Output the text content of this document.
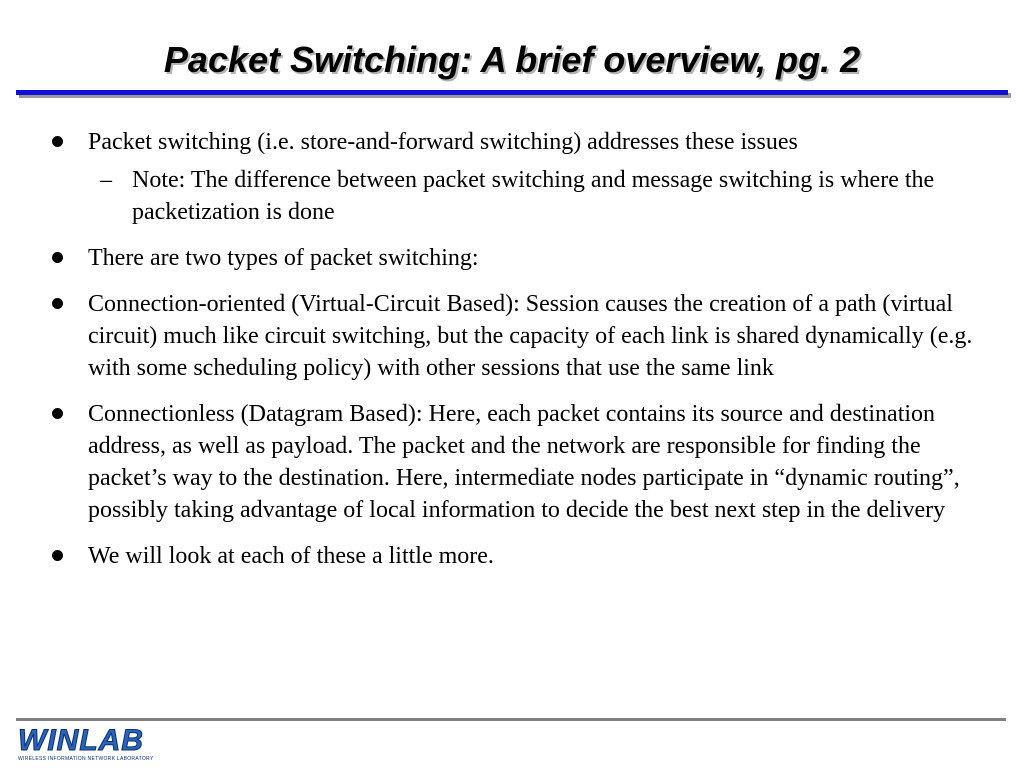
Packet Switching: A brief overview, pg. 2
Packet switching (i.e. store-and-forward switching) addresses these issues
– Note: The difference between packet switching and message switching is where the packetization is done
There are two types of packet switching:
Connection-oriented (Virtual-Circuit Based): Session causes the creation of a path (virtual circuit) much like circuit switching, but the capacity of each link is shared dynamically (e.g. with some scheduling policy) with other sessions that use the same link
Connectionless (Datagram Based): Here, each packet contains its source and destination address, as well as payload. The packet and the network are responsible for finding the packet’s way to the destination. Here, intermediate nodes participate in “dynamic routing”, possibly taking advantage of local information to decide the best next step in the delivery
We will look at each of these a little more.
WINLAB
WIRELESS INFORMATION NETWORK LABORATORY
